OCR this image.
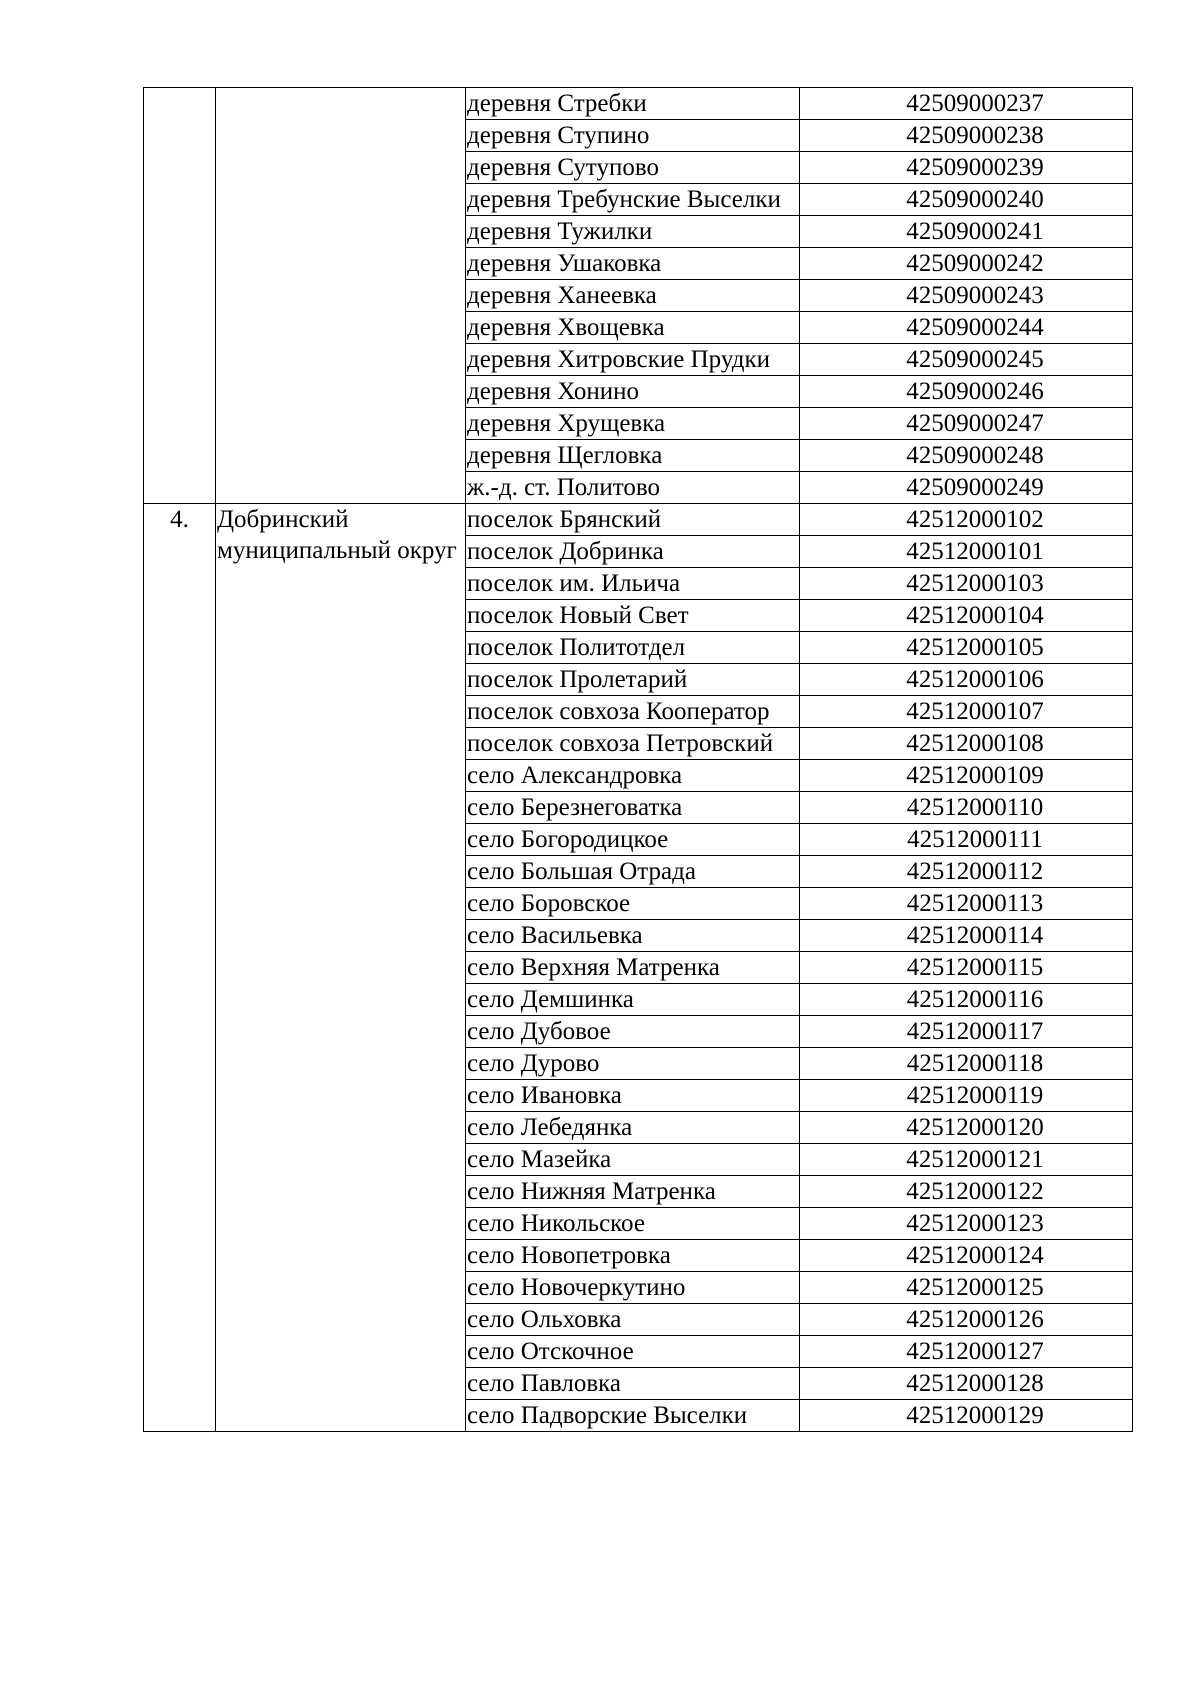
		деревня Стребки	42509000237
		деревня Ступино	42509000238
		деревня Сутупово	42509000239
		деревня Требунские Выселки	42509000240
		деревня Тужилки	42509000241
		деревня Ушаковка	42509000242
		деревня Ханеевка	42509000243
		деревня Хвощевка	42509000244
		деревня Хитровские Прудки	42509000245
		деревня Хонино	42509000246
		деревня Хрущевка	42509000247
		деревня Щегловка	42509000248
		ж.-д. ст. Политово	42509000249
4.	Добринский муниципальный округ	поселок Брянский	42512000102
		поселок Добринка	42512000101
		поселок им. Ильича	42512000103
		поселок Новый Свет	42512000104
		поселок Политотдел	42512000105
		поселок Пролетарий	42512000106
		поселок совхоза Кооператор	42512000107
		поселок совхоза Петровский	42512000108
		село Александровка	42512000109
		село Березнеговатка	42512000110
		село Богородицкое	42512000111
		село Большая Отрада	42512000112
		село Боровское	42512000113
		село Васильевка	42512000114
		село Верхняя Матренка	42512000115
		село Демшинка	42512000116
		село Дубовое	42512000117
		село Дурово	42512000118
		село Ивановка	42512000119
		село Лебедянка	42512000120
		село Мазейка	42512000121
		село Нижняя Матренка	42512000122
		село Никольское	42512000123
		село Новопетровка	42512000124
		село Новочеркутино	42512000125
		село Ольховка	42512000126
		село Отскочное	42512000127
		село Павловка	42512000128
		село Падворские Выселки	42512000129
